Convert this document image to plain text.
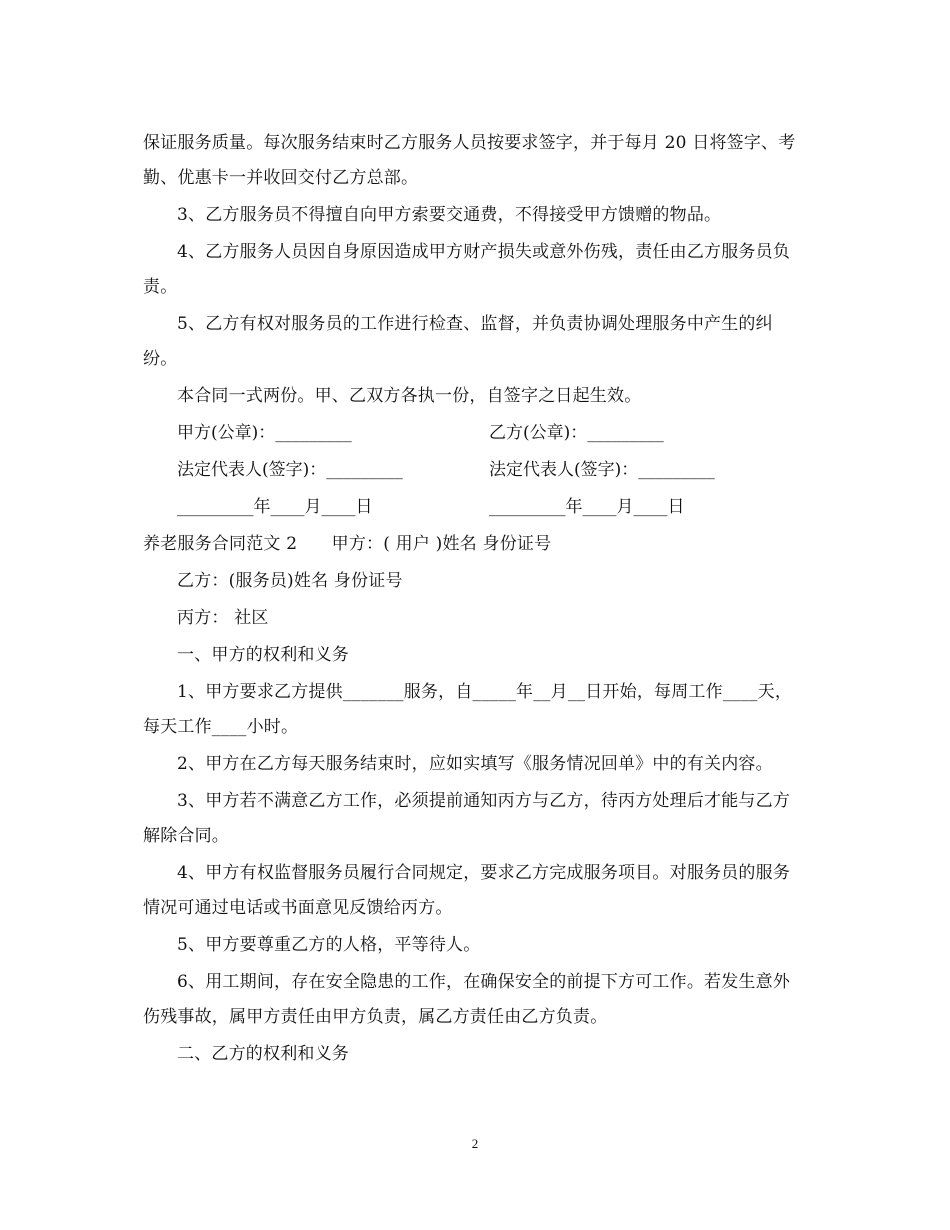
保证服务质量。每次服务结束时乙方服务人员按要求签字，并于每月 20 日将签字、考勤、优惠卡一并收回交付乙方总部。

3、乙方服务员不得擅自向甲方索要交通费，不得接受甲方馈赠的物品。

4、乙方服务人员因自身原因造成甲方财产损失或意外伤残，责任由乙方服务员负责。

5、乙方有权对服务员的工作进行检查、监督，并负责协调处理服务中产生的纠纷。

本合同一式两份。甲、乙双方各执一份，自签字之日起生效。

甲方(公章)：_________	乙方(公章)：_________
法定代表人(签字)：_________	法定代表人(签字)：_________
_________年____月____日	_________年____月____日

养老服务合同范文 2　　甲方：( 用户 )姓名 身份证号

乙方：(服务员)姓名 身份证号

丙方： 社区

一、甲方的权利和义务

1、甲方要求乙方提供_______服务，自_____年__月__日开始，每周工作____天，每天工作____小时。

2、甲方在乙方每天服务结束时，应如实填写《服务情况回单》中的有关内容。

3、甲方若不满意乙方工作，必须提前通知丙方与乙方，待丙方处理后才能与乙方解除合同。

4、甲方有权监督服务员履行合同规定，要求乙方完成服务项目。对服务员的服务情况可通过电话或书面意见反馈给丙方。

5、甲方要尊重乙方的人格，平等待人。

6、用工期间，存在安全隐患的工作，在确保安全的前提下方可工作。若发生意外伤残事故，属甲方责任由甲方负责，属乙方责任由乙方负责。

二、乙方的权利和义务

2
